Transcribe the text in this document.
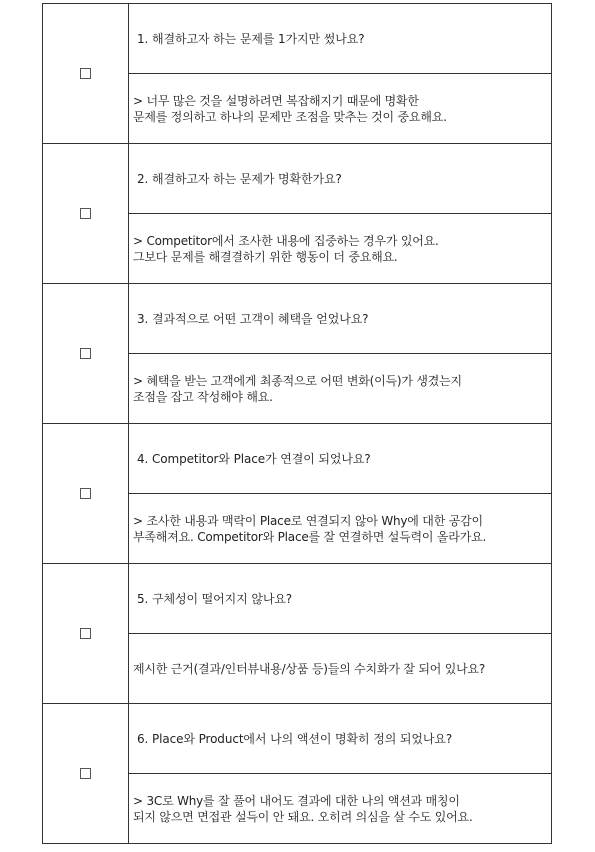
	1. 해결하고자 하는 문제를 1가지만 썼나요?

	> 너무 많은 것을 설명하려면 복잡해지기 때문에 명확한
문제를 정의하고 하나의 문제만 조점을 맞추는 것이 중요해요.

	2. 해결하고자 하는 문제가 명확한가요?

	> Competitor에서 조사한 내용에 집중하는 경우가 있어요.
그보다 문제를 해결결하기 위한 행동이 더 중요해요.

	3. 결과적으로 어떤 고객이 혜택을 얻었나요?

	> 혜택을 받는 고객에게 최종적으로 어떤 변화(이득)가 생겼는지
조점을 잡고 작성해야 해요.

	4. Competitor와 Place가 연결이 되었나요?

	> 조사한 내용과 맥락이 Place로 연결되지 않아 Why에 대한 공감이
부족해져요. Competitor와 Place를 잘 연결하면 설득력이 올라가요.

	5. 구체성이 떨어지지 않나요?

	제시한 근거(결과/인터뷰내용/상품 등)들의 수치화가 잘 되어 있나요?

	6. Place와 Product에서 나의 액션이 명확히 정의 되었나요?

	> 3C로 Why를 잘 풀어 내어도 결과에 대한 나의 액션과 매칭이
되지 않으면 면접관 설득이 안 돼요. 오히려 의심을 살 수도 있어요.
